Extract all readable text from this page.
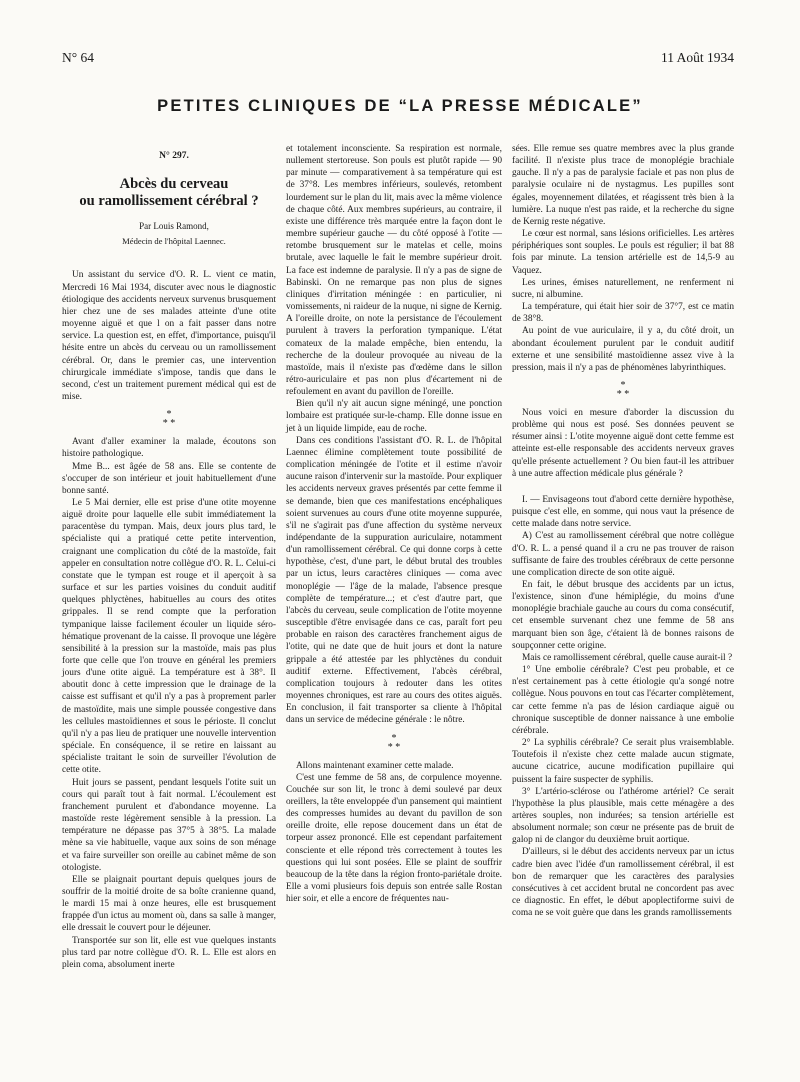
N° 64	11 Août 1934
PETITES CLINIQUES DE “LA PRESSE MÉDICALE”

N° 297.

Abcès du cerveau
ou ramollissement cérébral ?

Par Louis Ramond,

Médecin de l'hôpital Laennec.

Un assistant du service d'O. R. L. vient ce matin, Mercredi 16 Mai 1934, discuter avec nous le diagnostic étiologique des accidents nerveux survenus brusquement hier chez une de ses malades atteinte d'une otite moyenne aiguë et que l on a fait passer dans notre service. La question est, en effet, d'importance, puisqu'il hésite entre un abcès du cerveau ou un ramollissement cérébral. Or, dans le premier cas, une intervention chirurgicale immédiate s'impose, tandis que dans le second, c'est un traitement purement médical qui est de mise.

*
* *

Avant d'aller examiner la malade, écoutons son histoire pathologique.

Mme B... est âgée de 58 ans. Elle se contente de s'occuper de son intérieur et jouit habituellement d'une bonne santé.

Le 5 Mai dernier, elle est prise d'une otite moyenne aiguë droite pour laquelle elle subit immédiatement la paracentèse du tympan. Mais, deux jours plus tard, le spécialiste qui a pratiqué cette petite intervention, craignant une complication du côté de la mastoïde, fait appeler en consultation notre collègue d'O. R. L. Celui-ci constate que le tympan est rouge et il aperçoit à sa surface et sur les parties voisines du conduit auditif quelques phlyctènes, habituelles au cours des otites grippales. Il se rend compte que la perforation tympanique laisse facilement écouler un liquide séro-hématique provenant de la caisse. Il provoque une légère sensibilité à la pression sur la mastoïde, mais pas plus forte que celle que l'on trouve en général les premiers jours d'une otite aiguë. La température est à 38°. Il aboutit donc à cette impression que le drainage de la caisse est suffisant et qu'il n'y a pas à proprement parler de mastoïdite, mais une simple poussée congestive dans les cellules mastoïdiennes et sous le périoste. Il conclut qu'il n'y a pas lieu de pratiquer une nouvelle intervention spéciale. En conséquence, il se retire en laissant au spécialiste traitant le soin de surveiller l'évolution de cette otite.

Huit jours se passent, pendant lesquels l'otite suit un cours qui paraît tout à fait normal. L'écoulement est franchement purulent et d'abondance moyenne. La mastoïde reste légèrement sensible à la pression. La température ne dépasse pas 37°5 à 38°5. La malade mène sa vie habituelle, vaque aux soins de son ménage et va faire surveiller son oreille au cabinet même de son otologiste.

Elle se plaignait pourtant depuis quelques jours de souffrir de la moitié droite de sa boîte cranienne quand, le mardi 15 mai à onze heures, elle est brusquement frappée d'un ictus au moment où, dans sa salle à manger, elle dressait le couvert pour le déjeuner.

Transportée sur son lit, elle est vue quelques instants plus tard par notre collègue d'O. R. L. Elle est alors en plein coma, absolument inerte

et totalement inconsciente. Sa respiration est normale, nullement stertoreuse. Son pouls est plutôt rapide — 90 par minute — comparativement à sa température qui est de 37°8. Les membres inférieurs, soulevés, retombent lourdement sur le plan du lit, mais avec la même violence de chaque côté. Aux membres supérieurs, au contraire, il existe une différence très marquée entre la façon dont le membre supérieur gauche — du côté opposé à l'otite — retombe brusquement sur le matelas et celle, moins brutale, avec laquelle le fait le membre supérieur droit. La face est indemne de paralysie. Il n'y a pas de signe de Babinski. On ne remarque pas non plus de signes cliniques d'irritation méningée : en particulier, ni vomissements, ni raideur de la nuque, ni signe de Kernig. A l'oreille droite, on note la persistance de l'écoulement purulent à travers la perforation tympanique. L'état comateux de la malade empêche, bien entendu, la recherche de la douleur provoquée au niveau de la mastoïde, mais il n'existe pas d'œdème dans le sillon rétro-auriculaire et pas non plus d'écartement ni de refoulement en avant du pavillon de l'oreille.

Bien qu'il n'y ait aucun signe méningé, une ponction lombaire est pratiquée sur-le-champ. Elle donne issue en jet à un liquide limpide, eau de roche.

Dans ces conditions l'assistant d'O. R. L. de l'hôpital Laennec élimine complètement toute possibilité de complication méningée de l'otite et il estime n'avoir aucune raison d'intervenir sur la mastoïde. Pour expliquer les accidents nerveux graves présentés par cette femme il se demande, bien que ces manifestations encéphaliques soient survenues au cours d'une otite moyenne suppurée, s'il ne s'agirait pas d'une affection du système nerveux indépendante de la suppuration auriculaire, notamment d'un ramollissement cérébral. Ce qui donne corps à cette hypothèse, c'est, d'une part, le début brutal des troubles par un ictus, leurs caractères cliniques — coma avec monoplégie — l'âge de la malade, l'absence presque complète de température...; et c'est d'autre part, que l'abcès du cerveau, seule complication de l'otite moyenne susceptible d'être envisagée dans ce cas, paraît fort peu probable en raison des caractères franchement aigus de l'otite, qui ne date que de huit jours et dont la nature grippale a été attestée par les phlyctènes du conduit auditif externe. Effectivement, l'abcès cérébral, complication toujours à redouter dans les otites moyennes chroniques, est rare au cours des otites aiguës. En conclusion, il fait transporter sa cliente à l'hôpital dans un service de médecine générale : le nôtre.

*
* *

Allons maintenant examiner cette malade.

C'est une femme de 58 ans, de corpulence moyenne. Couchée sur son lit, le tronc à demi soulevé par deux oreillers, la tête enveloppée d'un pansement qui maintient des compresses humides au devant du pavillon de son oreille droite, elle repose doucement dans un état de torpeur assez prononcé. Elle est cependant parfaitement consciente et elle répond très correctement à toutes les questions qui lui sont posées. Elle se plaint de souffrir beaucoup de la tête dans la région fronto-pariétale droite. Elle a vomi plusieurs fois depuis son entrée salle Rostan hier soir, et elle a encore de fréquentes nau-

sées. Elle remue ses quatre membres avec la plus grande facilité. Il n'existe plus trace de monoplégie brachiale gauche. Il n'y a pas de paralysie faciale et pas non plus de paralysie oculaire ni de nystagmus. Les pupilles sont égales, moyennement dilatées, et réagissent très bien à la lumière. La nuque n'est pas raide, et la recherche du signe de Kernig reste négative.

Le cœur est normal, sans lésions orificielles. Les artères périphériques sont souples. Le pouls est régulier; il bat 88 fois par minute. La tension artérielle est de 14,5-9 au Vaquez.

Les urines, émises naturellement, ne renferment ni sucre, ni albumine.

La température, qui était hier soir de 37°7, est ce matin de 38°8.

Au point de vue auriculaire, il y a, du côté droit, un abondant écoulement purulent par le conduit auditif externe et une sensibilité mastoïdienne assez vive à la pression, mais il n'y a pas de phénomènes labyrinthiques.

*
* *

Nous voici en mesure d'aborder la discussion du problème qui nous est posé. Ses données peuvent se résumer ainsi : L'otite moyenne aiguë dont cette femme est atteinte est-elle responsable des accidents nerveux graves qu'elle présente actuellement ? Ou bien faut-il les attribuer à une autre affection médicale plus générale ?

I. — Envisageons tout d'abord cette dernière hypothèse, puisque c'est elle, en somme, qui nous vaut la présence de cette malade dans notre service.

A) C'est au ramollissement cérébral que notre collègue d'O. R. L. a pensé quand il a cru ne pas trouver de raison suffisante de faire des troubles cérébraux de cette personne une complication directe de son otite aiguë.

En fait, le début brusque des accidents par un ictus, l'existence, sinon d'une hémiplégie, du moins d'une monoplégie brachiale gauche au cours du coma consécutif, cet ensemble survenant chez une femme de 58 ans marquant bien son âge, c'étaient là de bonnes raisons de soupçonner cette origine.

Mais ce ramollissement cérébral, quelle cause aurait-il ?

1° Une embolie cérébrale? C'est peu probable, et ce n'est certainement pas à cette étiologie qu'a songé notre collègue. Nous pouvons en tout cas l'écarter complètement, car cette femme n'a pas de lésion cardiaque aiguë ou chronique susceptible de donner naissance à une embolie cérébrale.

2° La syphilis cérébrale? Ce serait plus vraisemblable. Toutefois il n'existe chez cette malade aucun stigmate, aucune cicatrice, aucune modification pupillaire qui puissent la faire suspecter de syphilis.

3° L'artério-sclérose ou l'athérome artériel? Ce serait l'hypothèse la plus plausible, mais cette ménagère a des artères souples, non indurées; sa tension artérielle est absolument normale; son cœur ne présente pas de bruit de galop ni de clangor du deuxième bruit aortique.

D'ailleurs, si le début des accidents nerveux par un ictus cadre bien avec l'idée d'un ramollissement cérébral, il est bon de remarquer que les caractères des paralysies consécutives à cet accident brutal ne concordent pas avec ce diagnostic. En effet, le début apoplectiforme suivi de coma ne se voit guère que dans les grands ramollissements
